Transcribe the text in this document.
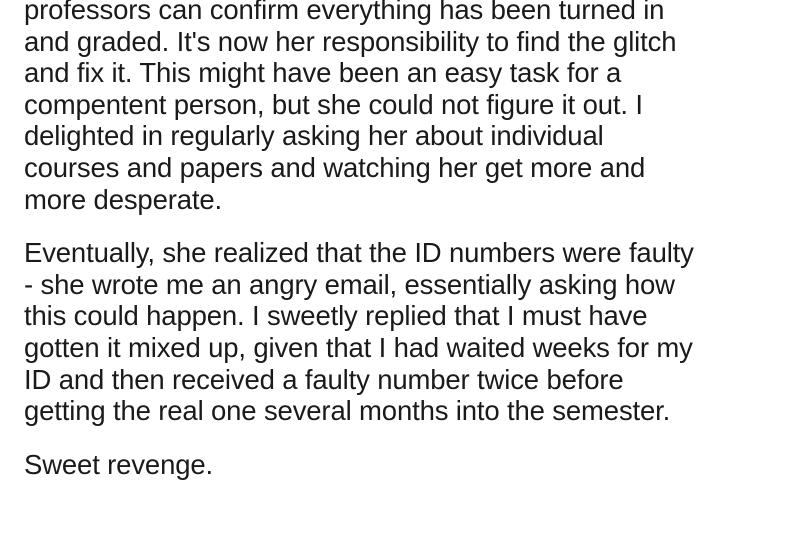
professors can confirm everything has been turned in
and graded. It's now her responsibility to find the glitch
and fix it. This might have been an easy task for a
compentent person, but she could not figure it out. I
delighted in regularly asking her about individual
courses and papers and watching her get more and
more desperate.

Eventually, she realized that the ID numbers were faulty
- she wrote me an angry email, essentially asking how
this could happen. I sweetly replied that I must have
gotten it mixed up, given that I had waited weeks for my
ID and then received a faulty number twice before
getting the real one several months into the semester.

Sweet revenge.
